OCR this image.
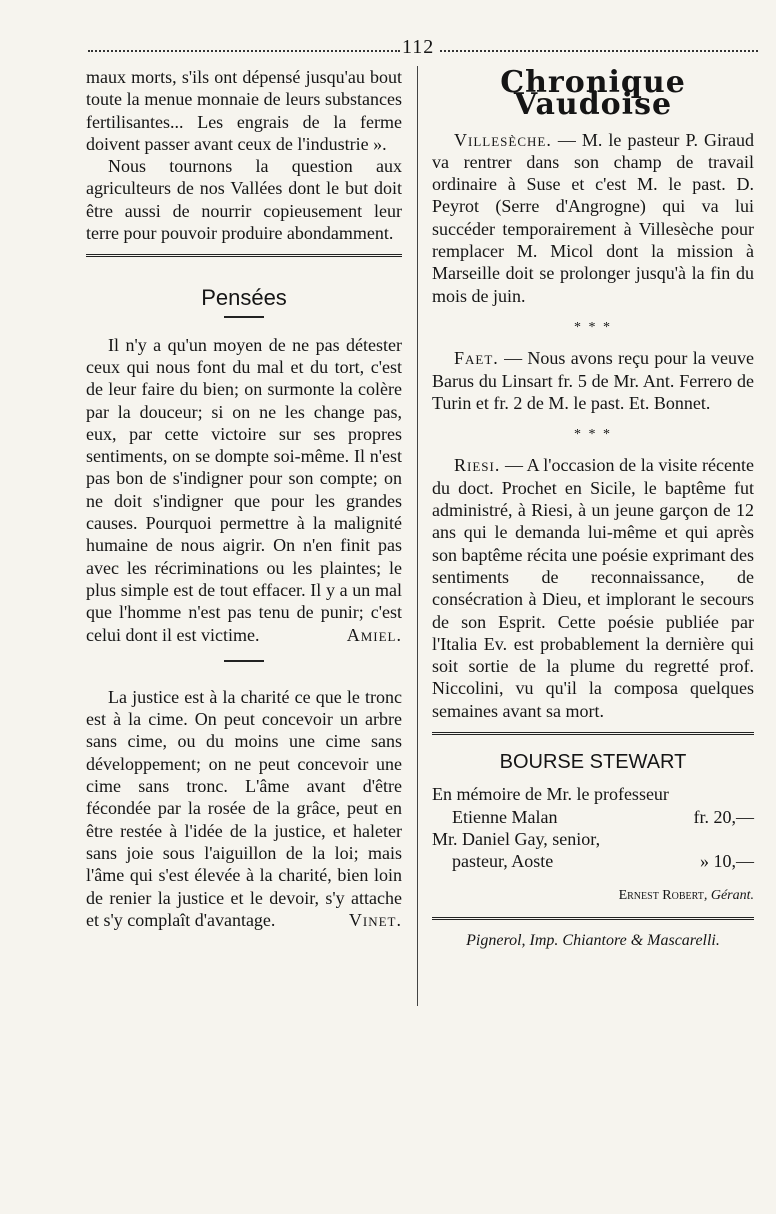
112

maux morts, s'ils ont dépensé jusqu'au bout toute la menue monnaie de leurs substances fertilisantes... Les engrais de la ferme doivent passer avant ceux de l'industrie ».

Nous tournons la question aux agriculteurs de nos Vallées dont le but doit être aussi de nourrir copieusement leur terre pour pouvoir produire abondamment.

Pensées

Il n'y a qu'un moyen de ne pas détester ceux qui nous font du mal et du tort, c'est de leur faire du bien; on surmonte la colère par la douceur; si on ne les change pas, eux, par cette victoire sur ses propres sentiments, on se dompte soi-même. Il n'est pas bon de s'indigner pour son compte; on ne doit s'indigner que pour les grandes causes. Pourquoi permettre à la malignité humaine de nous aigrir. On n'en finit pas avec les récriminations ou les plaintes; le plus simple est de tout effacer. Il y a un mal que l'homme n'est pas tenu de punir; c'est celui dont il est victime.	Amiel.

La justice est à la charité ce que le tronc est à la cime. On peut concevoir un arbre sans cime, ou du moins une cime sans développement; on ne peut concevoir une cime sans tronc. L'âme avant d'être fécondée par la rosée de la grâce, peut en être restée à l'idée de la justice, et haleter sans joie sous l'aiguillon de la loi; mais l'âme qui s'est élevée à la charité, bien loin de renier la justice et le devoir, s'y attache et s'y complaît d'avantage.	Vinet.

Chronique Vaudoise

Villesèche. — M. le pasteur P. Giraud va rentrer dans son champ de travail ordinaire à Suse et c'est M. le past. D. Peyrot (Serre d'Angrogne) qui va lui succéder temporairement à Villesèche pour remplacer M. Micol dont la mission à Marseille doit se prolonger jusqu'à la fin du mois de juin.

* * *

Faet. — Nous avons reçu pour la veuve Barus du Linsart fr. 5 de Mr. Ant. Ferrero de Turin et fr. 2 de M. le past. Et. Bonnet.

* * *

Riesi. — A l'occasion de la visite récente du doct. Prochet en Sicile, le baptême fut administré, à Riesi, à un jeune garçon de 12 ans qui le demanda lui-même et qui après son baptême récita une poésie exprimant des sentiments de reconnaissance, de consécration à Dieu, et implorant le secours de son Esprit. Cette poésie publiée par l'Italia Ev. est probablement la dernière qui soit sortie de la plume du regretté prof. Niccolini, vu qu'il la composa quelques semaines avant sa mort.

BOURSE STEWART

En mémoire de Mr. le professeur

Etienne Malan	fr. 20,—
Mr. Daniel Gay, senior,
pasteur, Aoste	» 10,—
Ernest Robert, Gérant.
Pignerol, Imp. Chiantore & Mascarelli.
